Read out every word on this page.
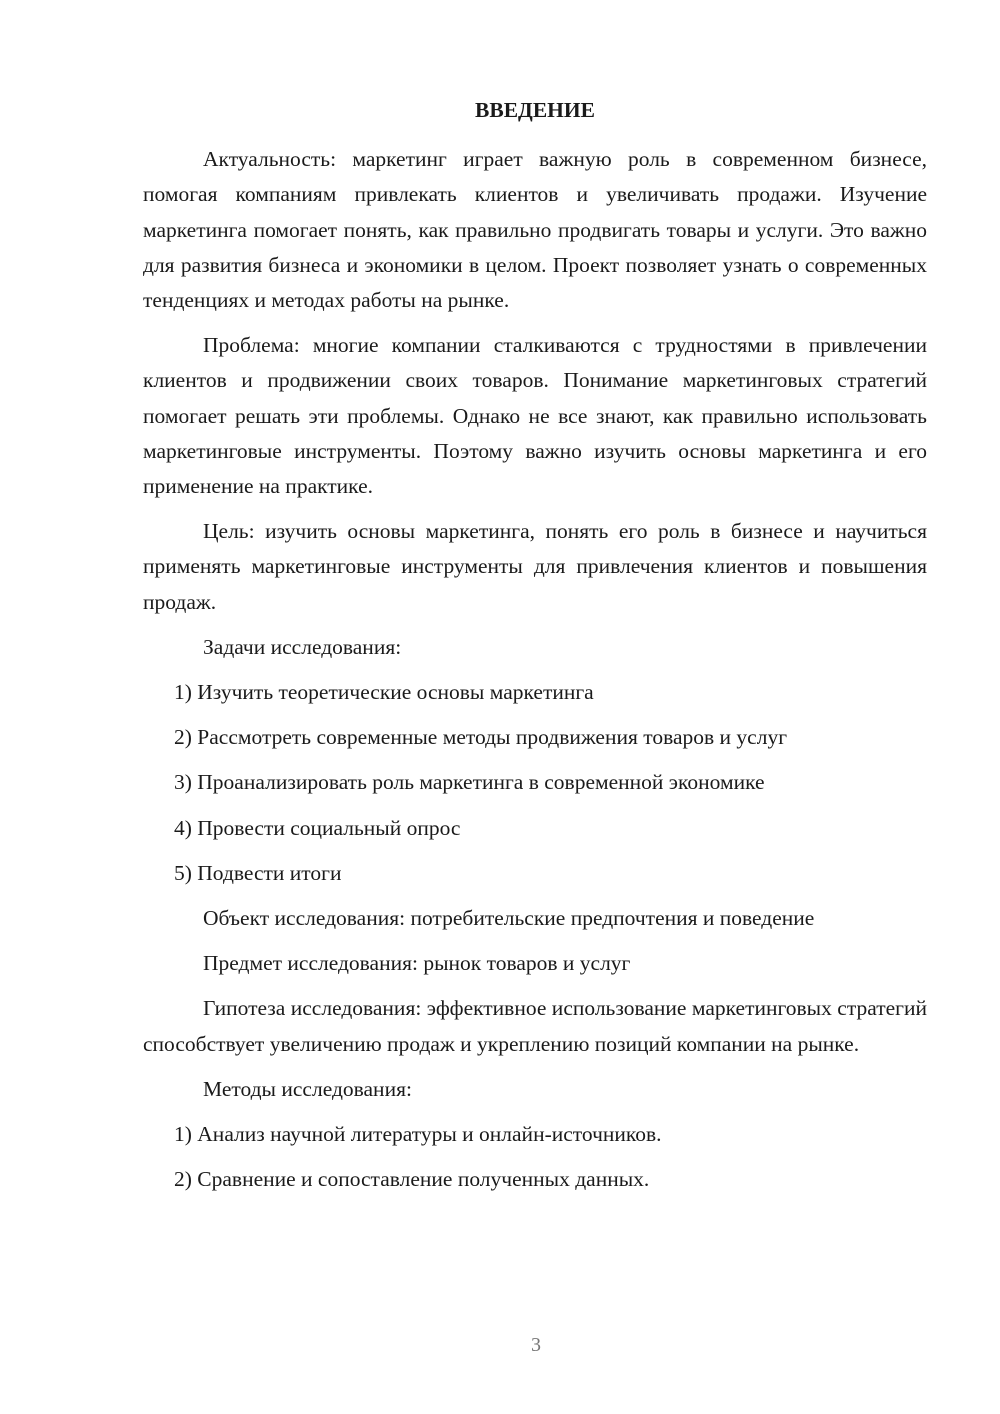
ВВЕДЕНИЕ

Актуальность: маркетинг играет важную роль в современном бизнесе, помогая компаниям привлекать клиентов и увеличивать продажи. Изучение маркетинга помогает понять, как правильно продвигать товары и услуги. Это важно для развития бизнеса и экономики в целом. Проект позволяет узнать о современных тенденциях и методах работы на рынке.

Проблема: многие компании сталкиваются с трудностями в привлечении клиентов и продвижении своих товаров. Понимание маркетинговых стратегий помогает решать эти проблемы. Однако не все знают, как правильно использовать маркетинговые инструменты. Поэтому важно изучить основы маркетинга и его применение на практике.

Цель: изучить основы маркетинга, понять его роль в бизнесе и научиться применять маркетинговые инструменты для привлечения клиентов и повышения продаж.

Задачи исследования:

1) Изучить теоретические основы маркетинга

2) Рассмотреть современные методы продвижения товаров и услуг

3) Проанализировать роль маркетинга в современной экономике

4) Провести социальный опрос

5) Подвести итоги

Объект исследования: потребительские предпочтения и поведение

Предмет исследования: рынок товаров и услуг

Гипотеза исследования: эффективное использование маркетинговых стратегий способствует увеличению продаж и укреплению позиций компании на рынке.

Методы исследования:

1) Анализ научной литературы и онлайн-источников.

2) Сравнение и сопоставление полученных данных.

3
